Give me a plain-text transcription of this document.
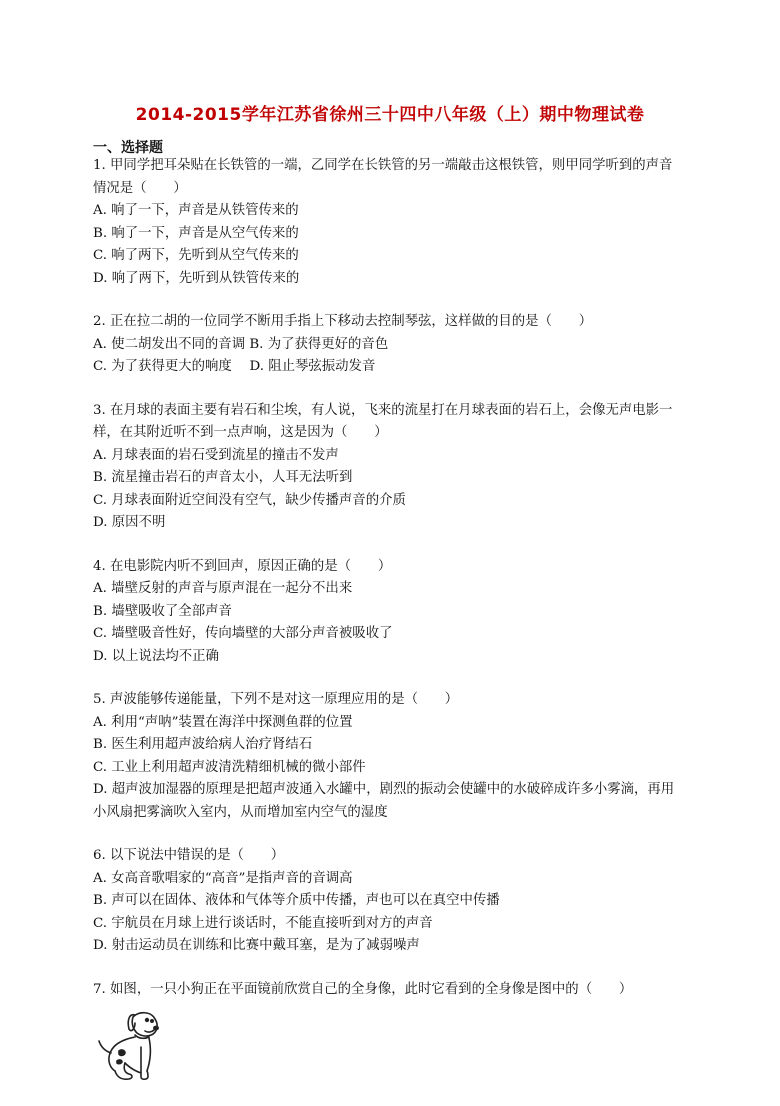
2014-2015学年江苏省徐州三十四中八年级（上）期中物理试卷
一、选择题
1. 甲同学把耳朵贴在长铁管的一端，乙同学在长铁管的另一端敲击这根铁管，则甲同学听到的声音
情况是（　　）
A. 响了一下，声音是从铁管传来的
B. 响了一下，声音是从空气传来的
C. 响了两下，先听到从空气传来的
D. 响了两下，先听到从铁管传来的
2. 正在拉二胡的一位同学不断用手指上下移动去控制琴弦，这样做的目的是（　　）
A. 使二胡发出不同的音调 B. 为了获得更好的音色
C. 为了获得更大的响度　 D. 阻止琴弦振动发音
3. 在月球的表面主要有岩石和尘埃，有人说，飞来的流星打在月球表面的岩石上，会像无声电影一
样，在其附近听不到一点声响，这是因为（　　）
A. 月球表面的岩石受到流星的撞击不发声
B. 流星撞击岩石的声音太小，人耳无法听到
C. 月球表面附近空间没有空气，缺少传播声音的介质
D. 原因不明
4. 在电影院内听不到回声，原因正确的是（　　）
A. 墙壁反射的声音与原声混在一起分不出来
B. 墙壁吸收了全部声音
C. 墙壁吸音性好，传向墙壁的大部分声音被吸收了
D. 以上说法均不正确
5. 声波能够传递能量，下列不是对这一原理应用的是（　　）
A. 利用“声呐”装置在海洋中探测鱼群的位置
B. 医生利用超声波给病人治疗肾结石
C. 工业上利用超声波清洗精细机械的微小部件
D. 超声波加湿器的原理是把超声波通入水罐中，剧烈的振动会使罐中的水破碎成许多小雾滴，再用
小风扇把雾滴吹入室内，从而增加室内空气的湿度
6. 以下说法中错误的是（　　）
A. 女高音歌唱家的“高音”是指声音的音调高
B. 声可以在固体、液体和气体等介质中传播，声也可以在真空中传播
C. 宇航员在月球上进行谈话时，不能直接听到对方的声音
D. 射击运动员在训练和比赛中戴耳塞，是为了减弱噪声
7. 如图，一只小狗正在平面镜前欣赏自己的全身像，此时它看到的全身像是图中的（　　）
